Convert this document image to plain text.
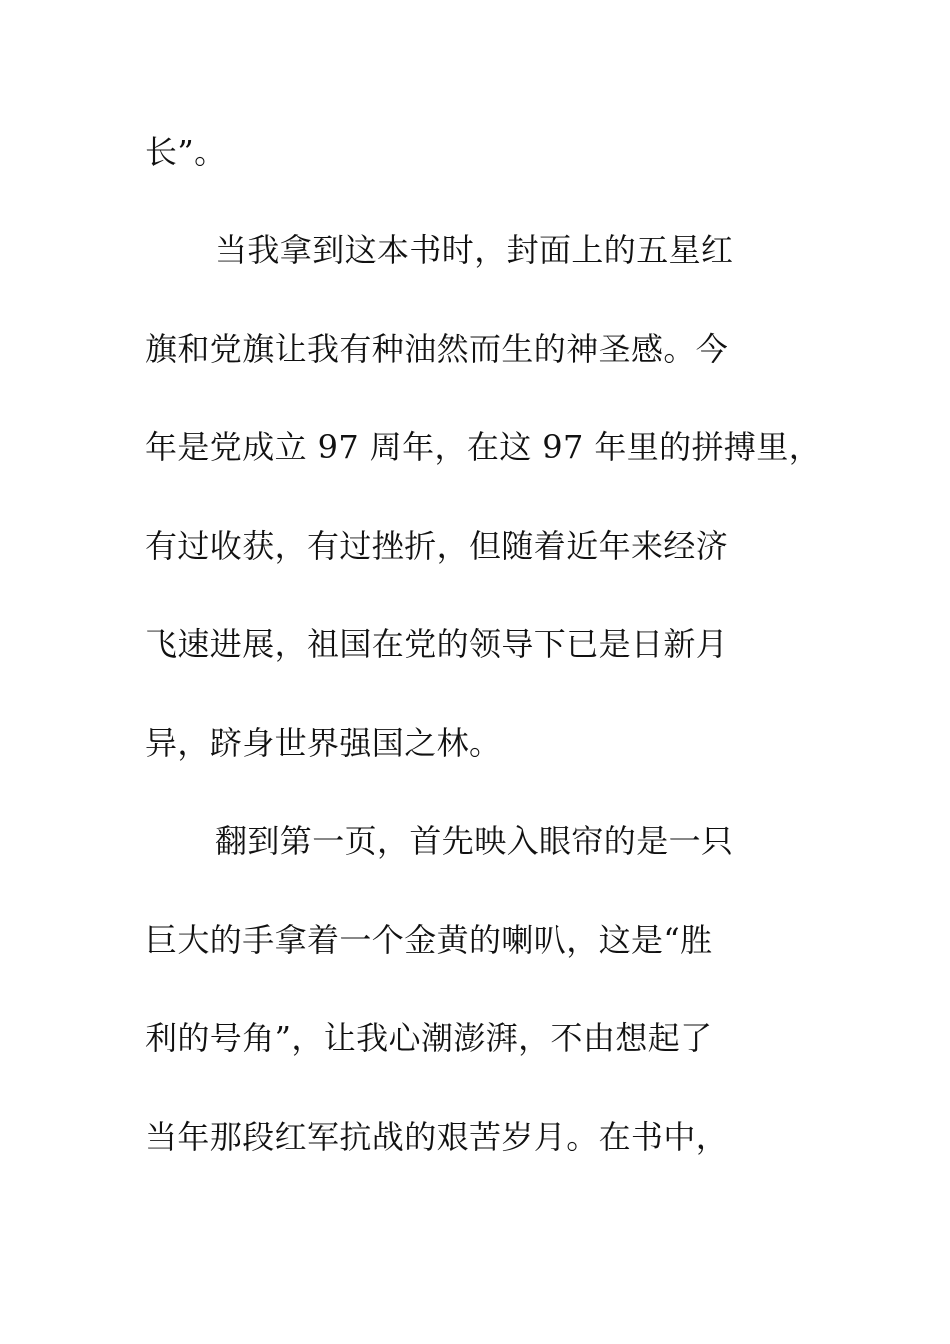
长”。
当我拿到这本书时，封面上的五星红
旗和党旗让我有种油然而生的神圣感。今
年是党成立 97 周年，在这 97 年里的拼搏里，
有过收获，有过挫折，但随着近年来经济
飞速进展，祖国在党的领导下已是日新月
异，跻身世界强国之林。
翻到第一页，首先映入眼帘的是一只
巨大的手拿着一个金黄的喇叭，这是“胜
利的号角”，让我心潮澎湃，不由想起了
当年那段红军抗战的艰苦岁月。在书中，
